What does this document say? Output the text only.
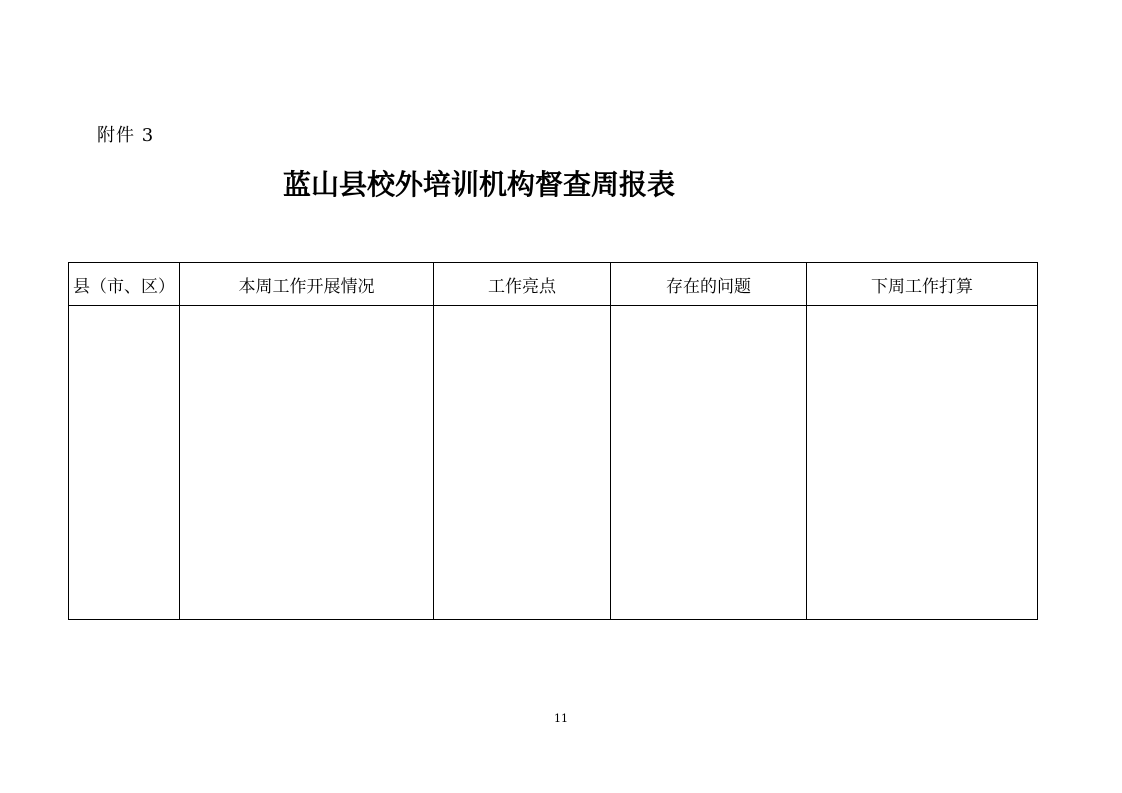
附件 3
蓝山县校外培训机构督查周报表
县（市、区）	本周工作开展情况	工作亮点	存在的问题	下周工作打算

11
